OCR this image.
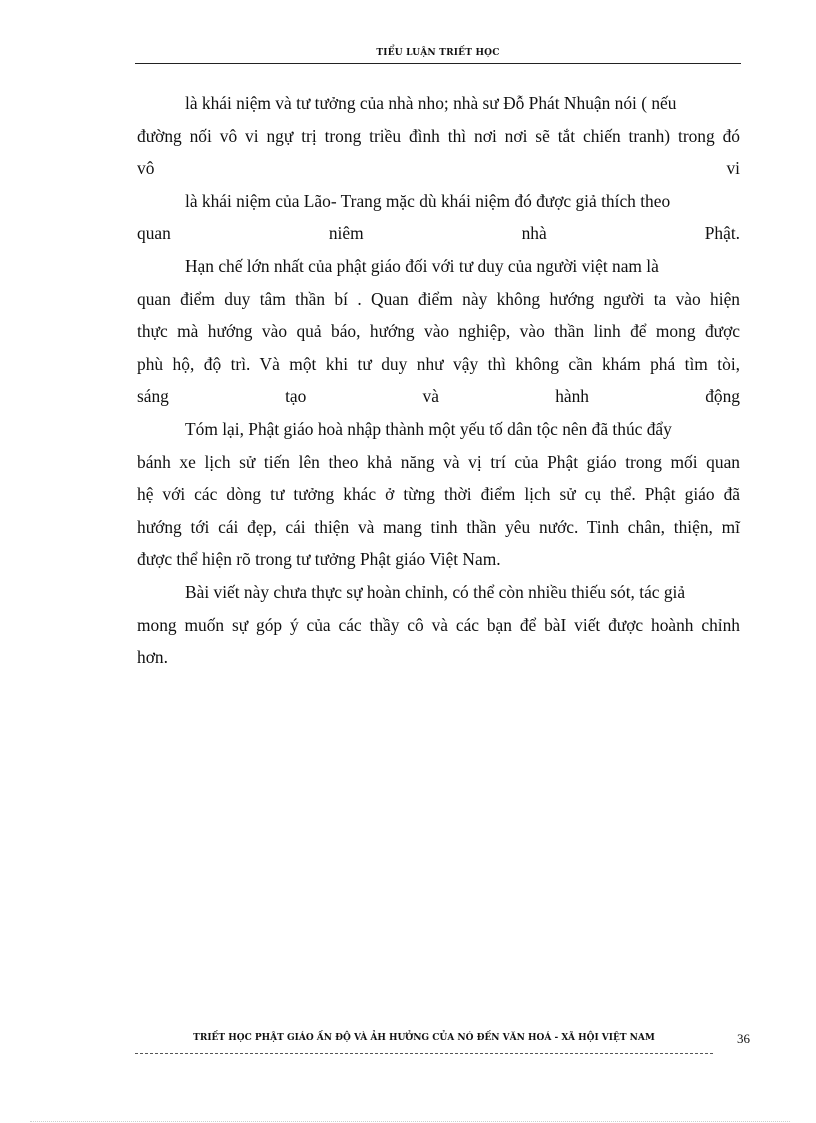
TIỂU LUẬN TRIẾT HỌC
là khái niệm và tư tưởng của nhà nho; nhà sư Đỗ Phát Nhuận nói ( nếu
đường nối vô vi ngự trị trong triều đình thì nơi nơi sẽ tắt chiến tranh) trong đó
vô vi
là khái niệm của Lão- Trang mặc dù khái niệm đó được giả thích theo
quan niêm nhà Phật.
Hạn chế lớn nhất của phật giáo đối với tư duy của người việt nam là
quan điểm duy tâm thần bí . Quan điểm này không hướng người ta vào hiện
thực mà hướng vào quả báo, hướng vào nghiệp, vào thần linh để mong được
phù hộ, độ trì. Và một khi tư duy như vậy thì không cần khám phá tìm tòi,
sáng tạo và hành động
Tóm lại, Phật giáo hoà nhập thành một yếu tố dân tộc nên đã thúc đẩy
bánh xe lịch sử tiến lên theo khả năng và vị trí của Phật giáo trong mối quan
hệ với các dòng tư tưởng khác ở từng thời điểm lịch sử cụ thể. Phật giáo đã
hướng tới cái đẹp, cái thiện và mang tinh thần yêu nước. Tinh chân, thiện, mĩ
được thể hiện rõ trong tư tưởng Phật giáo Việt Nam.
Bài viết này chưa thực sự hoàn chỉnh, có thể còn nhiều thiếu sót, tác giả
mong muốn sự góp ý của các thầy cô và các bạn để bàI viết được hoành chỉnh
hơn.
TRIẾT HỌC PHẬT GIÁO ẤN ĐỘ VÀ ẢH HƯỞNG CỦA NÓ ĐẾN VĂN HOÁ - XÃ HỘI VIỆT NAM	36
